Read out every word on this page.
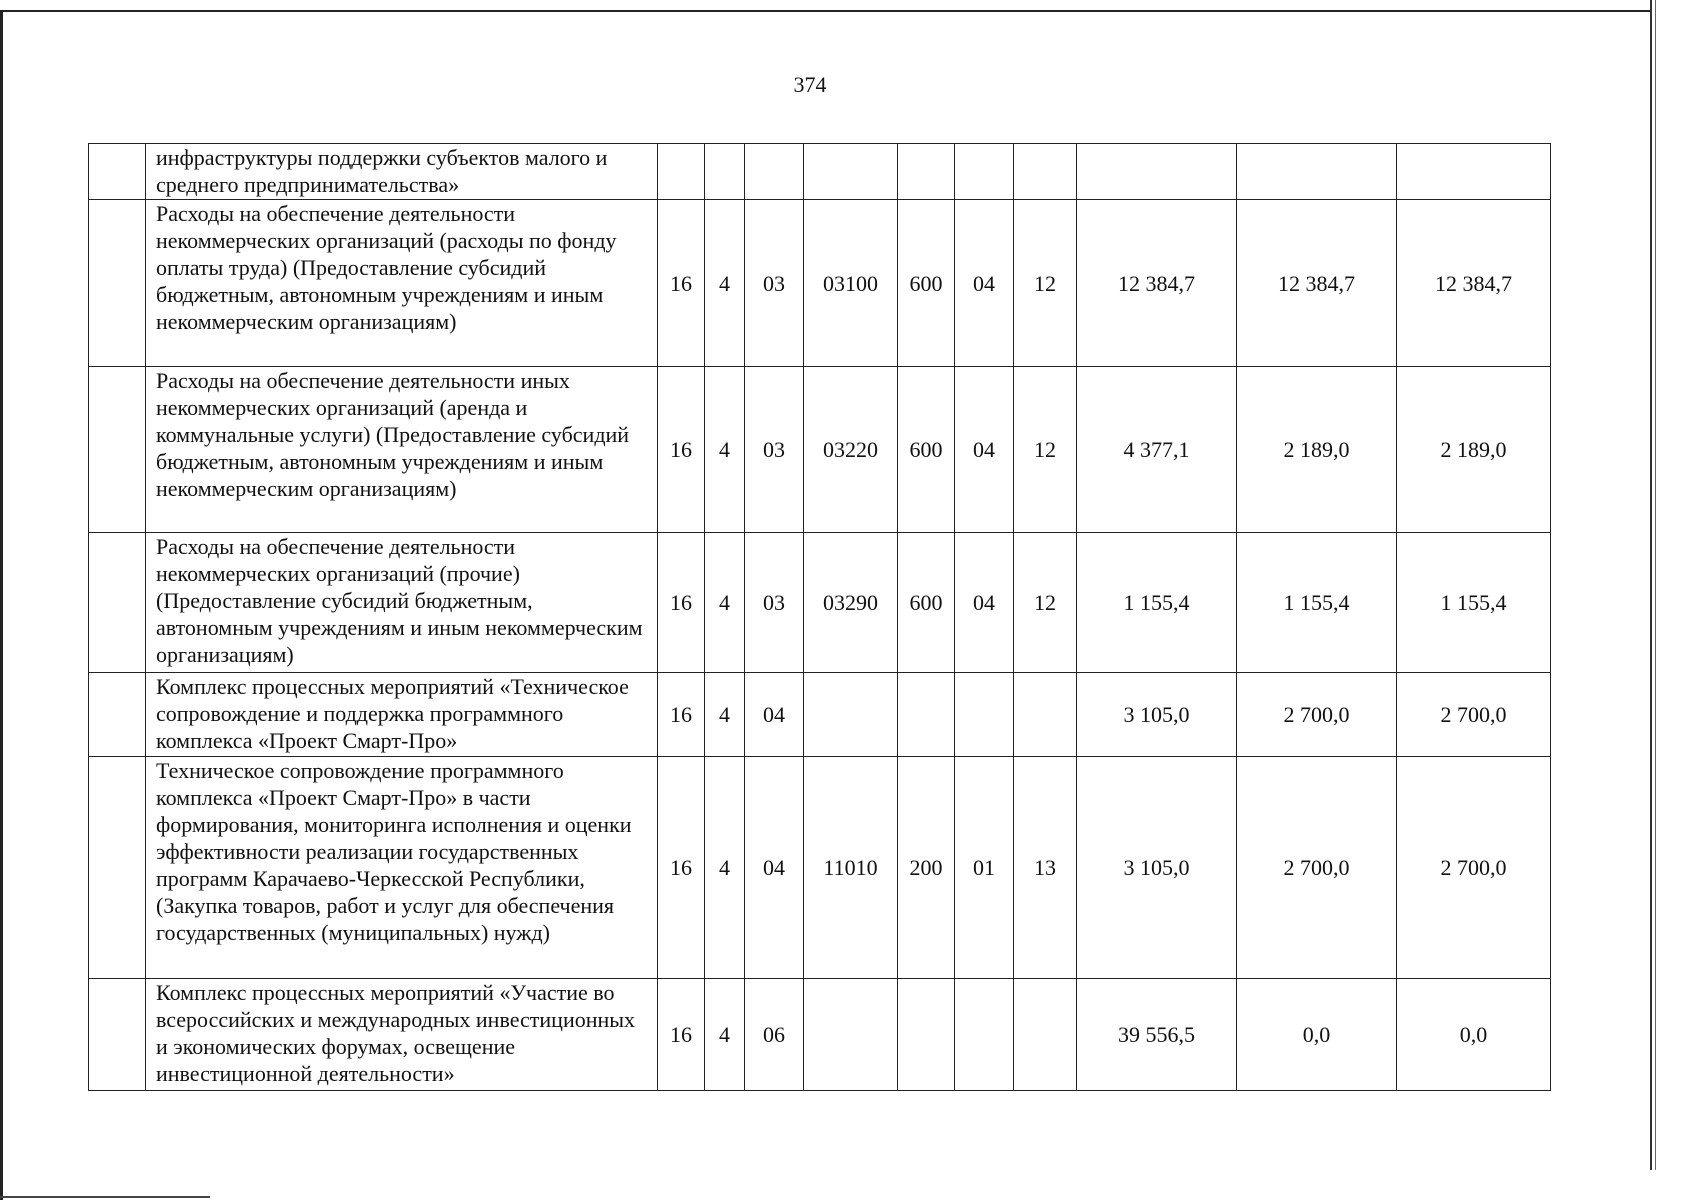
374
	инфраструктуры поддержки субъектов малого и среднего предпринимательства»										
	Расходы на обеспечение деятельности некоммерческих организаций (расходы по фонду оплаты труда) (Предоставление субсидий бюджетным, автономным учреждениям и иным некоммерческим организациям)	16	4	03	03100	600	04	12	12 384,7	12 384,7	12 384,7
	Расходы на обеспечение деятельности иных некоммерческих организаций (аренда и коммунальные услуги) (Предоставление субсидий бюджетным, автономным учреждениям и иным некоммерческим организациям)	16	4	03	03220	600	04	12	4 377,1	2 189,0	2 189,0
	Расходы на обеспечение деятельности некоммерческих организаций (прочие) (Предоставление субсидий бюджетным, автономным учреждениям и иным некоммерческим организациям)	16	4	03	03290	600	04	12	1 155,4	1 155,4	1 155,4
	Комплекс процессных мероприятий «Техническое сопровождение и поддержка программного комплекса «Проект Смарт-Про»	16	4	04					3 105,0	2 700,0	2 700,0
	Техническое сопровождение программного комплекса «Проект Смарт-Про» в части формирования, мониторинга исполнения и оценки эффективности реализации государственных программ Карачаево-Черкесской Республики, (Закупка товаров, работ и услуг для обеспечения государственных (муниципальных) нужд)	16	4	04	11010	200	01	13	3 105,0	2 700,0	2 700,0
	Комплекс процессных мероприятий «Участие во всероссийских и международных инвестиционных и экономических форумах, освещение инвестиционной деятельности»	16	4	06					39 556,5	0,0	0,0
